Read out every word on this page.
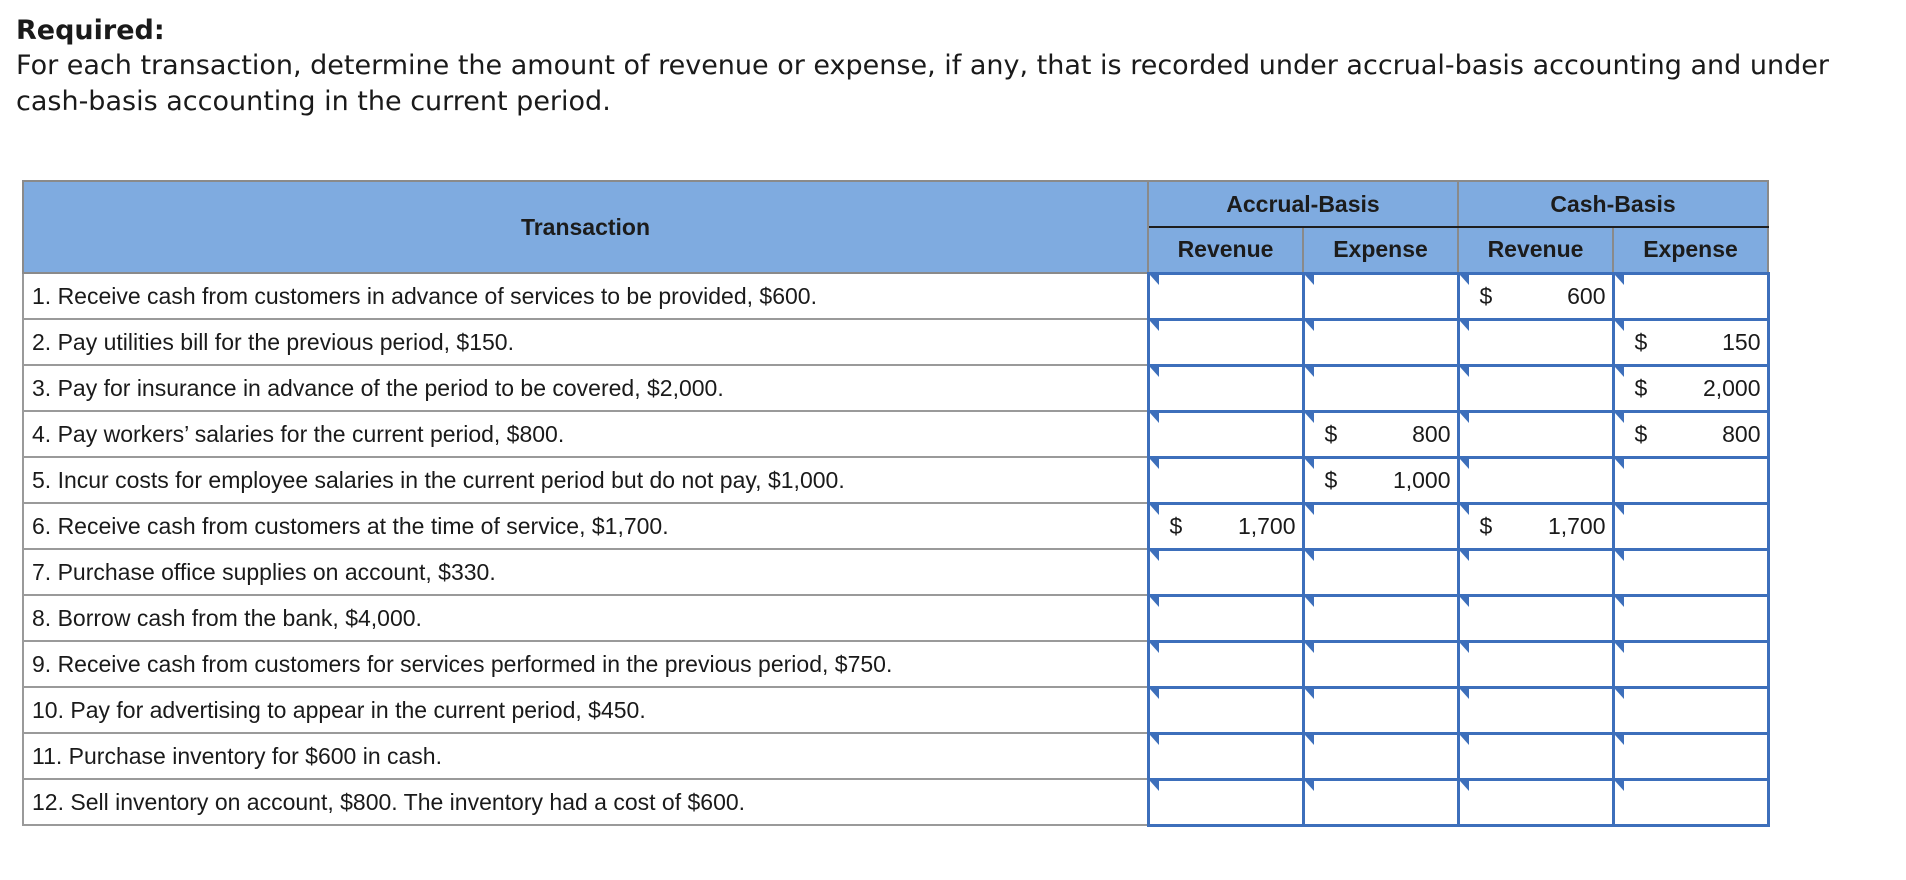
Required:
For each transaction, determine the amount of revenue or expense, if any, that is recorded under accrual-basis accounting and under cash-basis accounting in the current period.
Transaction	Accrual-Basis		Cash-Basis	
	Revenue	Expense	Revenue	Expense
1. Receive cash from customers in advance of services to be provided, $600.			$ 600	

2. Pay utilities bill for the previous period, $150.				$ 150

3. Pay for insurance in advance of the period to be covered, $2,000.				$ 2,000

4. Pay workers’ salaries for the current period, $800.		$ 800		$ 800

5. Incur costs for employee salaries in the current period but do not pay, $1,000.		$ 1,000		

6. Receive cash from customers at the time of service, $1,700.	$ 1,700		$ 1,700	

7. Purchase office supplies on account, $330.				
8. Borrow cash from the bank, $4,000.				
9. Receive cash from customers for services performed in the previous period, $750.				
10. Pay for advertising to appear in the current period, $450.				
11. Purchase inventory for $600 in cash.				
12. Sell inventory on account, $800. The inventory had a cost of $600.				
